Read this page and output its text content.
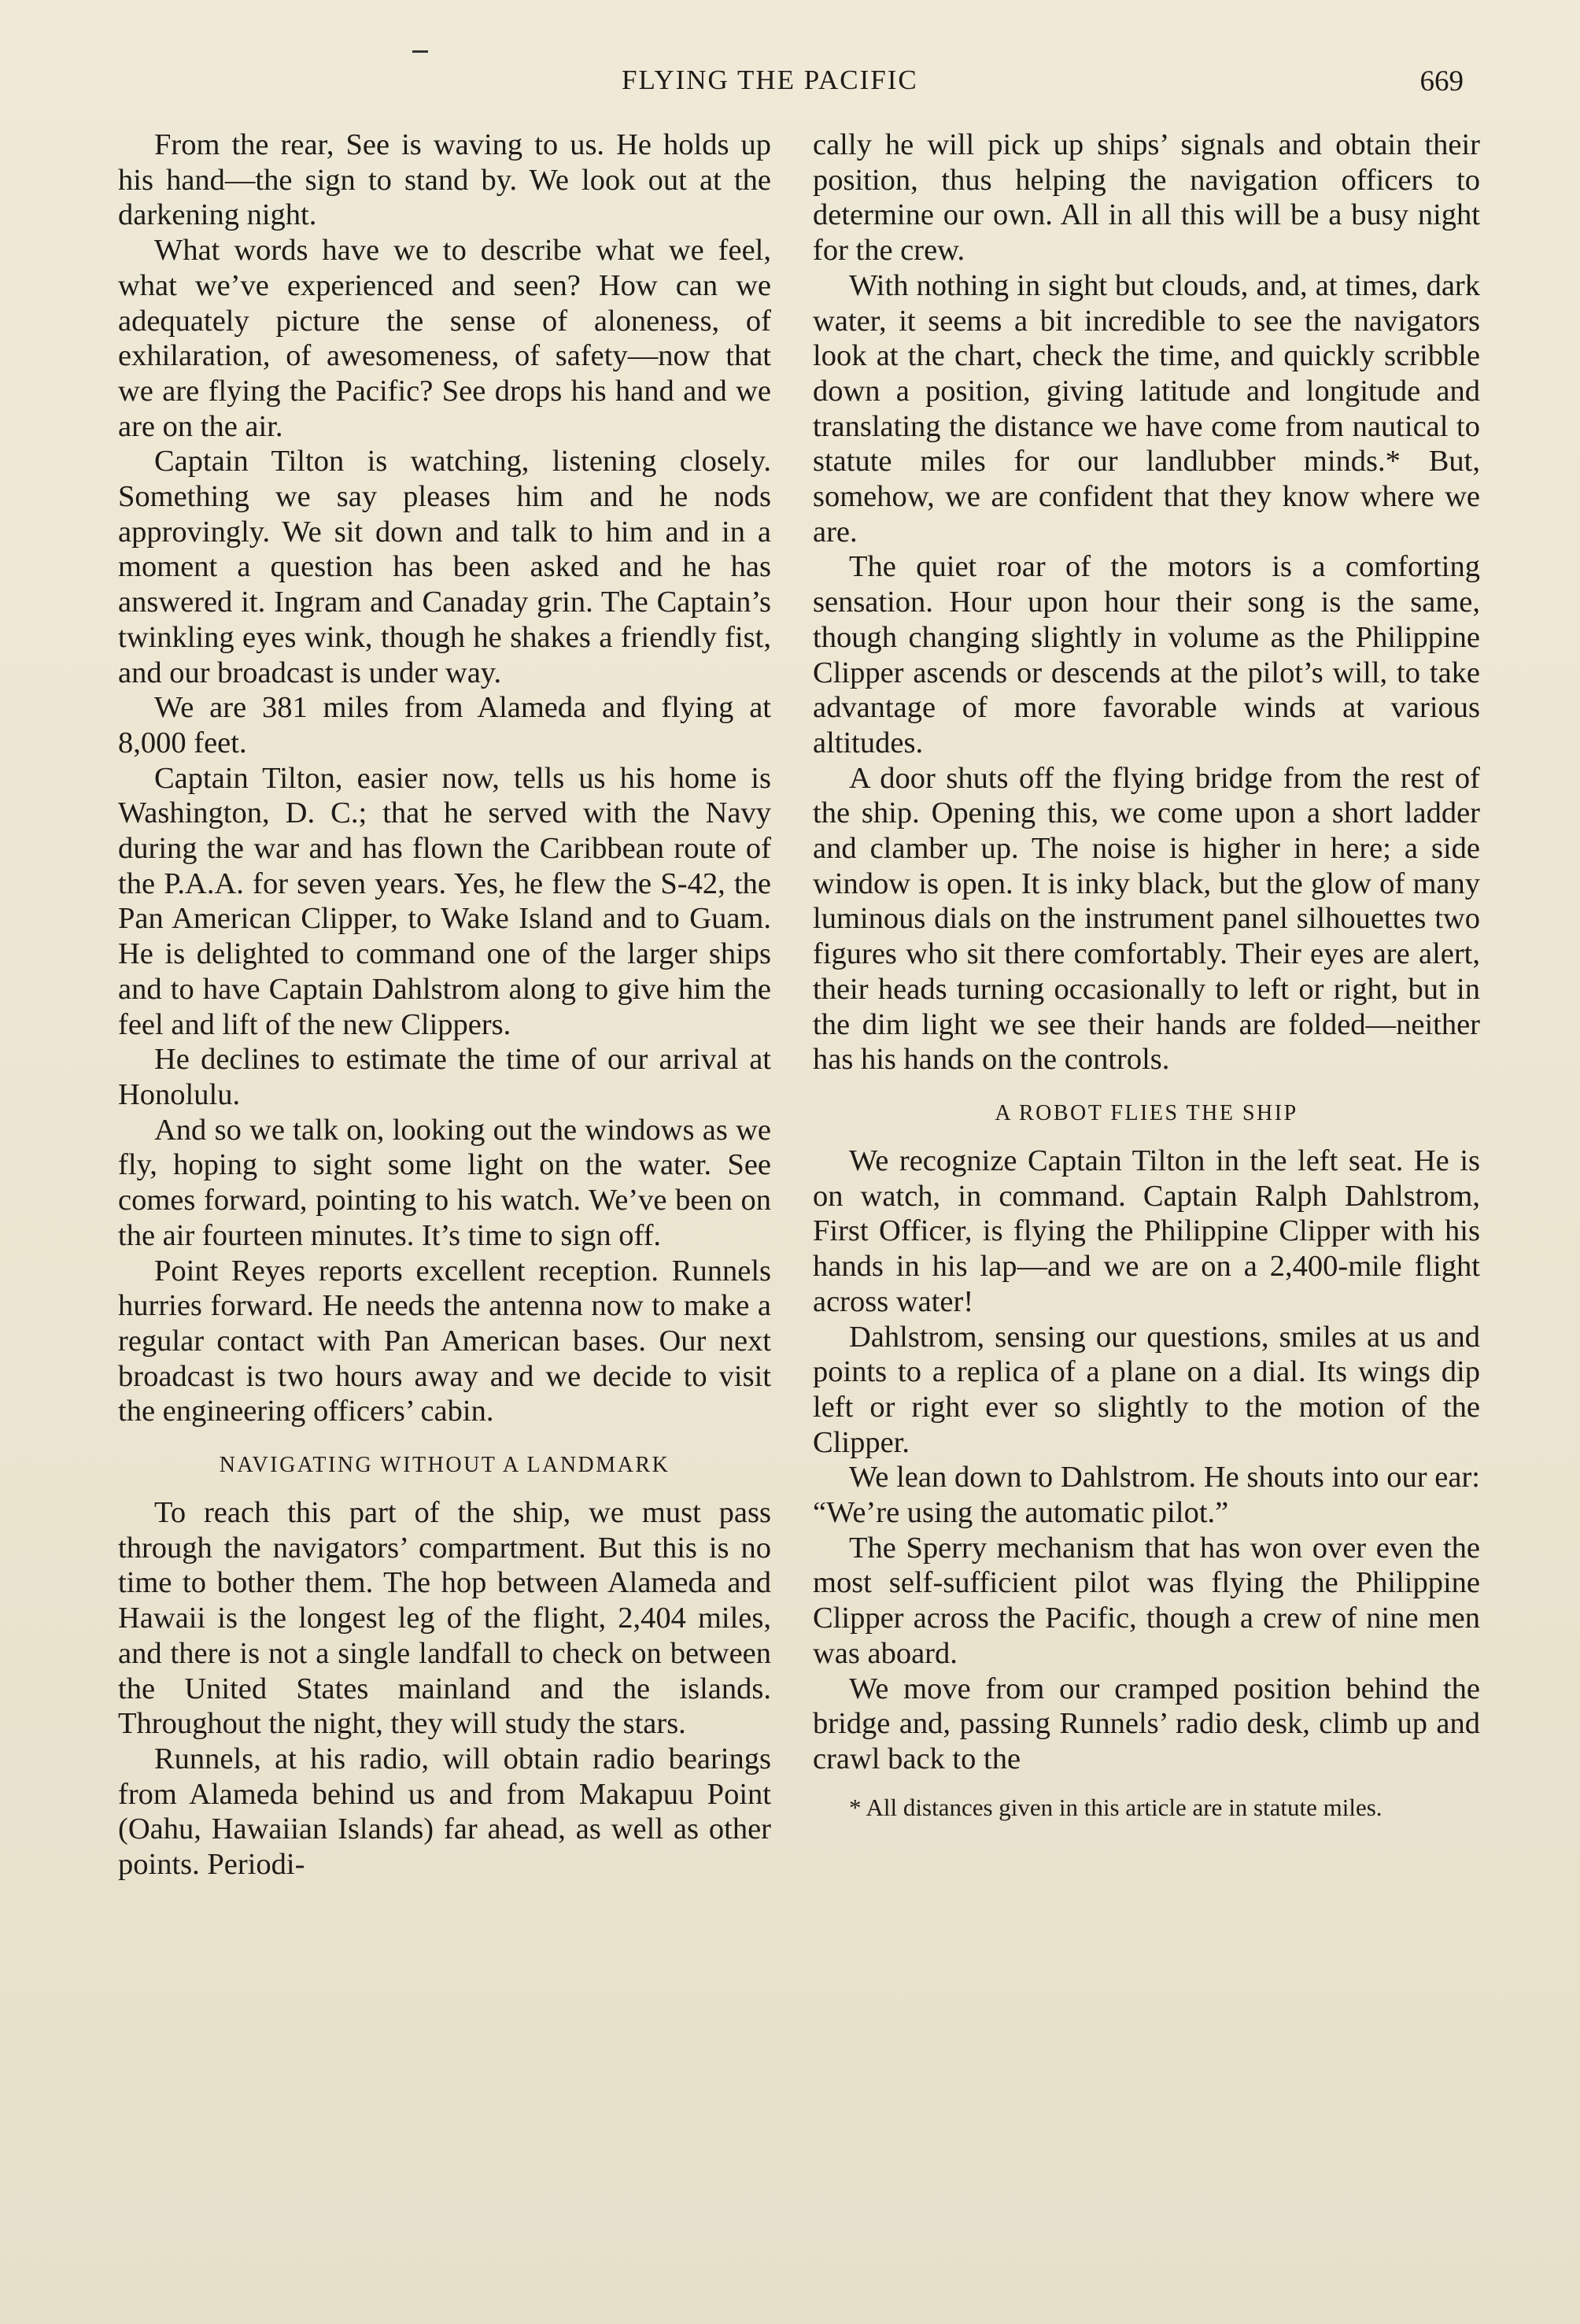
FLYING THE PACIFIC	669

From the rear, See is waving to us. He holds up his hand—the sign to stand by. We look out at the darkening night.

What words have we to describe what we feel, what we’ve experienced and seen? How can we adequately picture the sense of aloneness, of exhilaration, of awesomeness, of safety—now that we are flying the Pacific? See drops his hand and we are on the air.

Captain Tilton is watching, listening closely. Something we say pleases him and he nods approvingly. We sit down and talk to him and in a moment a question has been asked and he has answered it. Ingram and Canaday grin. The Captain’s twinkling eyes wink, though he shakes a friendly fist, and our broadcast is under way.

We are 381 miles from Alameda and flying at 8,000 feet.

Captain Tilton, easier now, tells us his home is Washington, D. C.; that he served with the Navy during the war and has flown the Caribbean route of the P.A.A. for seven years. Yes, he flew the S-42, the Pan American Clipper, to Wake Island and to Guam. He is delighted to command one of the larger ships and to have Captain Dahlstrom along to give him the feel and lift of the new Clippers.

He declines to estimate the time of our arrival at Honolulu.

And so we talk on, looking out the windows as we fly, hoping to sight some light on the water. See comes forward, pointing to his watch. We’ve been on the air fourteen minutes. It’s time to sign off.

Point Reyes reports excellent reception. Runnels hurries forward. He needs the antenna now to make a regular contact with Pan American bases. Our next broadcast is two hours away and we decide to visit the engineering officers’ cabin.

NAVIGATING WITHOUT A LANDMARK

To reach this part of the ship, we must pass through the navigators’ compartment. But this is no time to bother them. The hop between Alameda and Hawaii is the longest leg of the flight, 2,404 miles, and there is not a single landfall to check on between the United States mainland and the islands. Throughout the night, they will study the stars.

Runnels, at his radio, will obtain radio bearings from Alameda behind us and from Makapuu Point (Oahu, Hawaiian Islands) far ahead, as well as other points. Periodi-

cally he will pick up ships’ signals and obtain their position, thus helping the navigation officers to determine our own. All in all this will be a busy night for the crew.

With nothing in sight but clouds, and, at times, dark water, it seems a bit incredible to see the navigators look at the chart, check the time, and quickly scribble down a position, giving latitude and longitude and translating the distance we have come from nautical to statute miles for our landlubber minds.* But, somehow, we are confident that they know where we are.

The quiet roar of the motors is a comforting sensation. Hour upon hour their song is the same, though changing slightly in volume as the Philippine Clipper ascends or descends at the pilot’s will, to take advantage of more favorable winds at various altitudes.

A door shuts off the flying bridge from the rest of the ship. Opening this, we come upon a short ladder and clamber up. The noise is higher in here; a side window is open. It is inky black, but the glow of many luminous dials on the instrument panel silhouettes two figures who sit there comfortably. Their eyes are alert, their heads turning occasionally to left or right, but in the dim light we see their hands are folded—neither has his hands on the controls.

A ROBOT FLIES THE SHIP

We recognize Captain Tilton in the left seat. He is on watch, in command. Captain Ralph Dahlstrom, First Officer, is flying the Philippine Clipper with his hands in his lap—and we are on a 2,400-mile flight across water!

Dahlstrom, sensing our questions, smiles at us and points to a replica of a plane on a dial. Its wings dip left or right ever so slightly to the motion of the Clipper.

We lean down to Dahlstrom. He shouts into our ear: “We’re using the automatic pilot.”

The Sperry mechanism that has won over even the most self-sufficient pilot was flying the Philippine Clipper across the Pacific, though a crew of nine men was aboard.

We move from our cramped position behind the bridge and, passing Runnels’ radio desk, climb up and crawl back to the

* All distances given in this article are in statute miles.
